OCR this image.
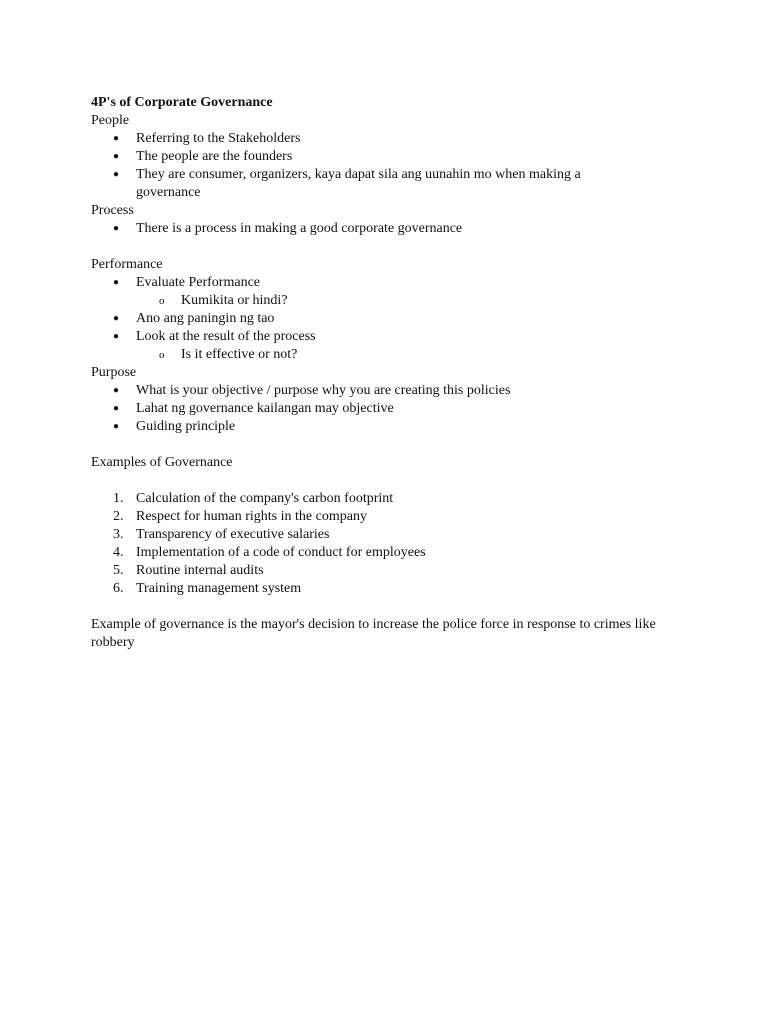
4P's of Corporate Governance
People
●	Referring to the Stakeholders
●	The people are the founders
●	They are consumer, organizers, kaya dapat sila ang uunahin mo when making a governance
Process
●	There is a process in making a good corporate governance
Performance
●	Evaluate Performance
o	Kumikita or hindi?
●	Ano ang paningin ng tao
●	Look at the result of the process
o	Is it effective or not?
Purpose
●	What is your objective / purpose why you are creating this policies
●	Lahat ng governance kailangan may objective
●	Guiding principle
Examples of Governance
1. Calculation of the company's carbon footprint
2. Respect for human rights in the company
3. Transparency of executive salaries
4. Implementation of a code of conduct for employees
5. Routine internal audits
6. Training management system
Example of governance is the mayor's decision to increase the police force in response to crimes like robbery
